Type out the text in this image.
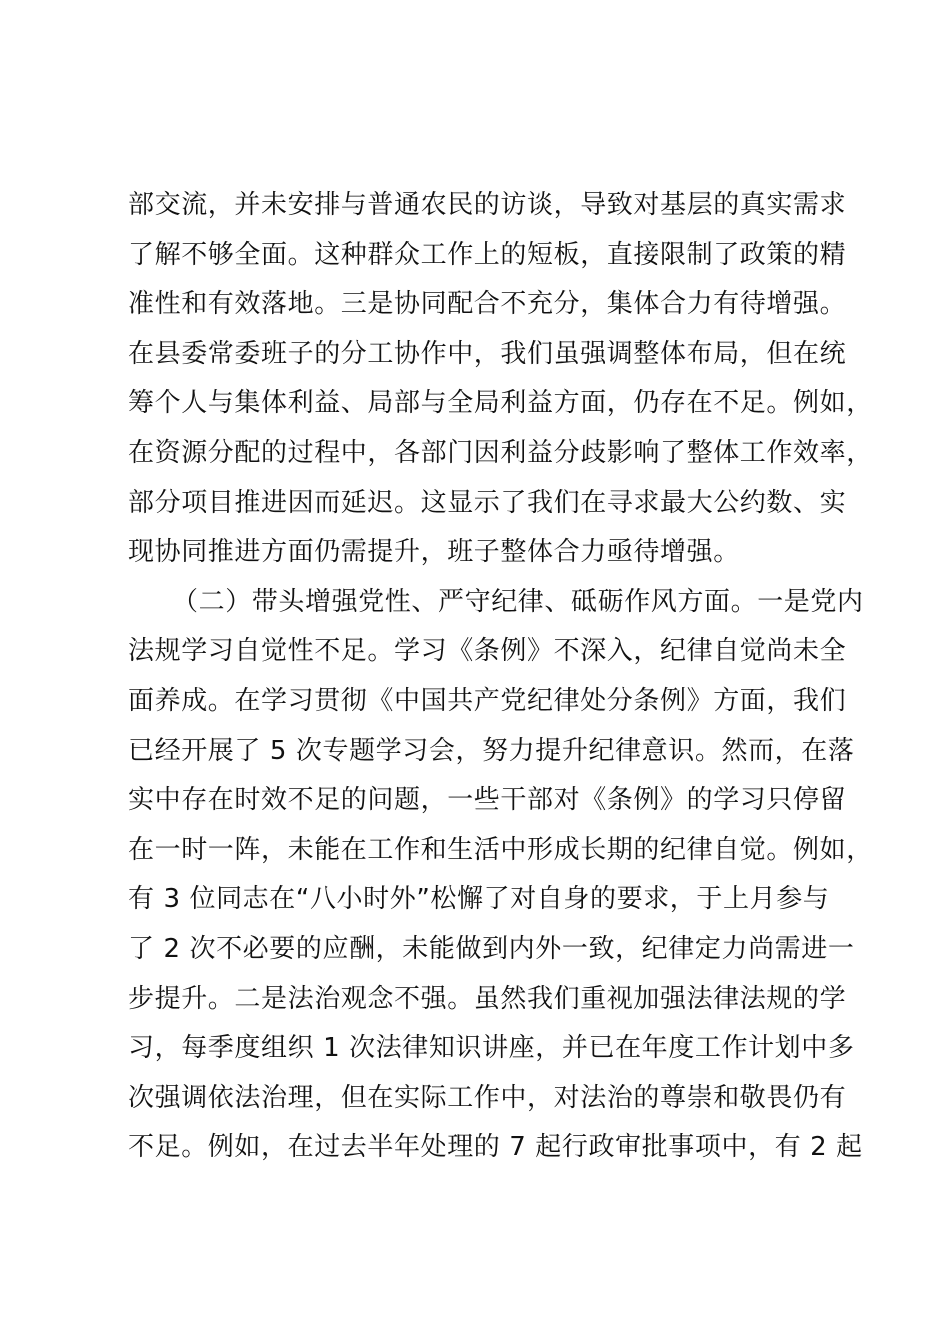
部交流，并未安排与普通农民的访谈，导致对基层的真实需求
了解不够全面。这种群众工作上的短板，直接限制了政策的精
准性和有效落地。三是协同配合不充分，集体合力有待增强。
在县委常委班子的分工协作中，我们虽强调整体布局，但在统
筹个人与集体利益、局部与全局利益方面，仍存在不足。例如，
在资源分配的过程中，各部门因利益分歧影响了整体工作效率，
部分项目推进因而延迟。这显示了我们在寻求最大公约数、实
现协同推进方面仍需提升，班子整体合力亟待增强。
（二）带头增强党性、严守纪律、砥砺作风方面。一是党内
法规学习自觉性不足。学习《条例》不深入，纪律自觉尚未全
面养成。在学习贯彻《中国共产党纪律处分条例》方面，我们
已经开展了 5 次专题学习会，努力提升纪律意识。然而，在落
实中存在时效不足的问题，一些干部对《条例》的学习只停留
在一时一阵，未能在工作和生活中形成长期的纪律自觉。例如，
有 3 位同志在“八小时外”松懈了对自身的要求，于上月参与
了 2 次不必要的应酬，未能做到内外一致，纪律定力尚需进一
步提升。二是法治观念不强。虽然我们重视加强法律法规的学
习，每季度组织 1 次法律知识讲座，并已在年度工作计划中多
次强调依法治理，但在实际工作中，对法治的尊崇和敬畏仍有
不足。例如，在过去半年处理的 7 起行政审批事项中，有 2 起
